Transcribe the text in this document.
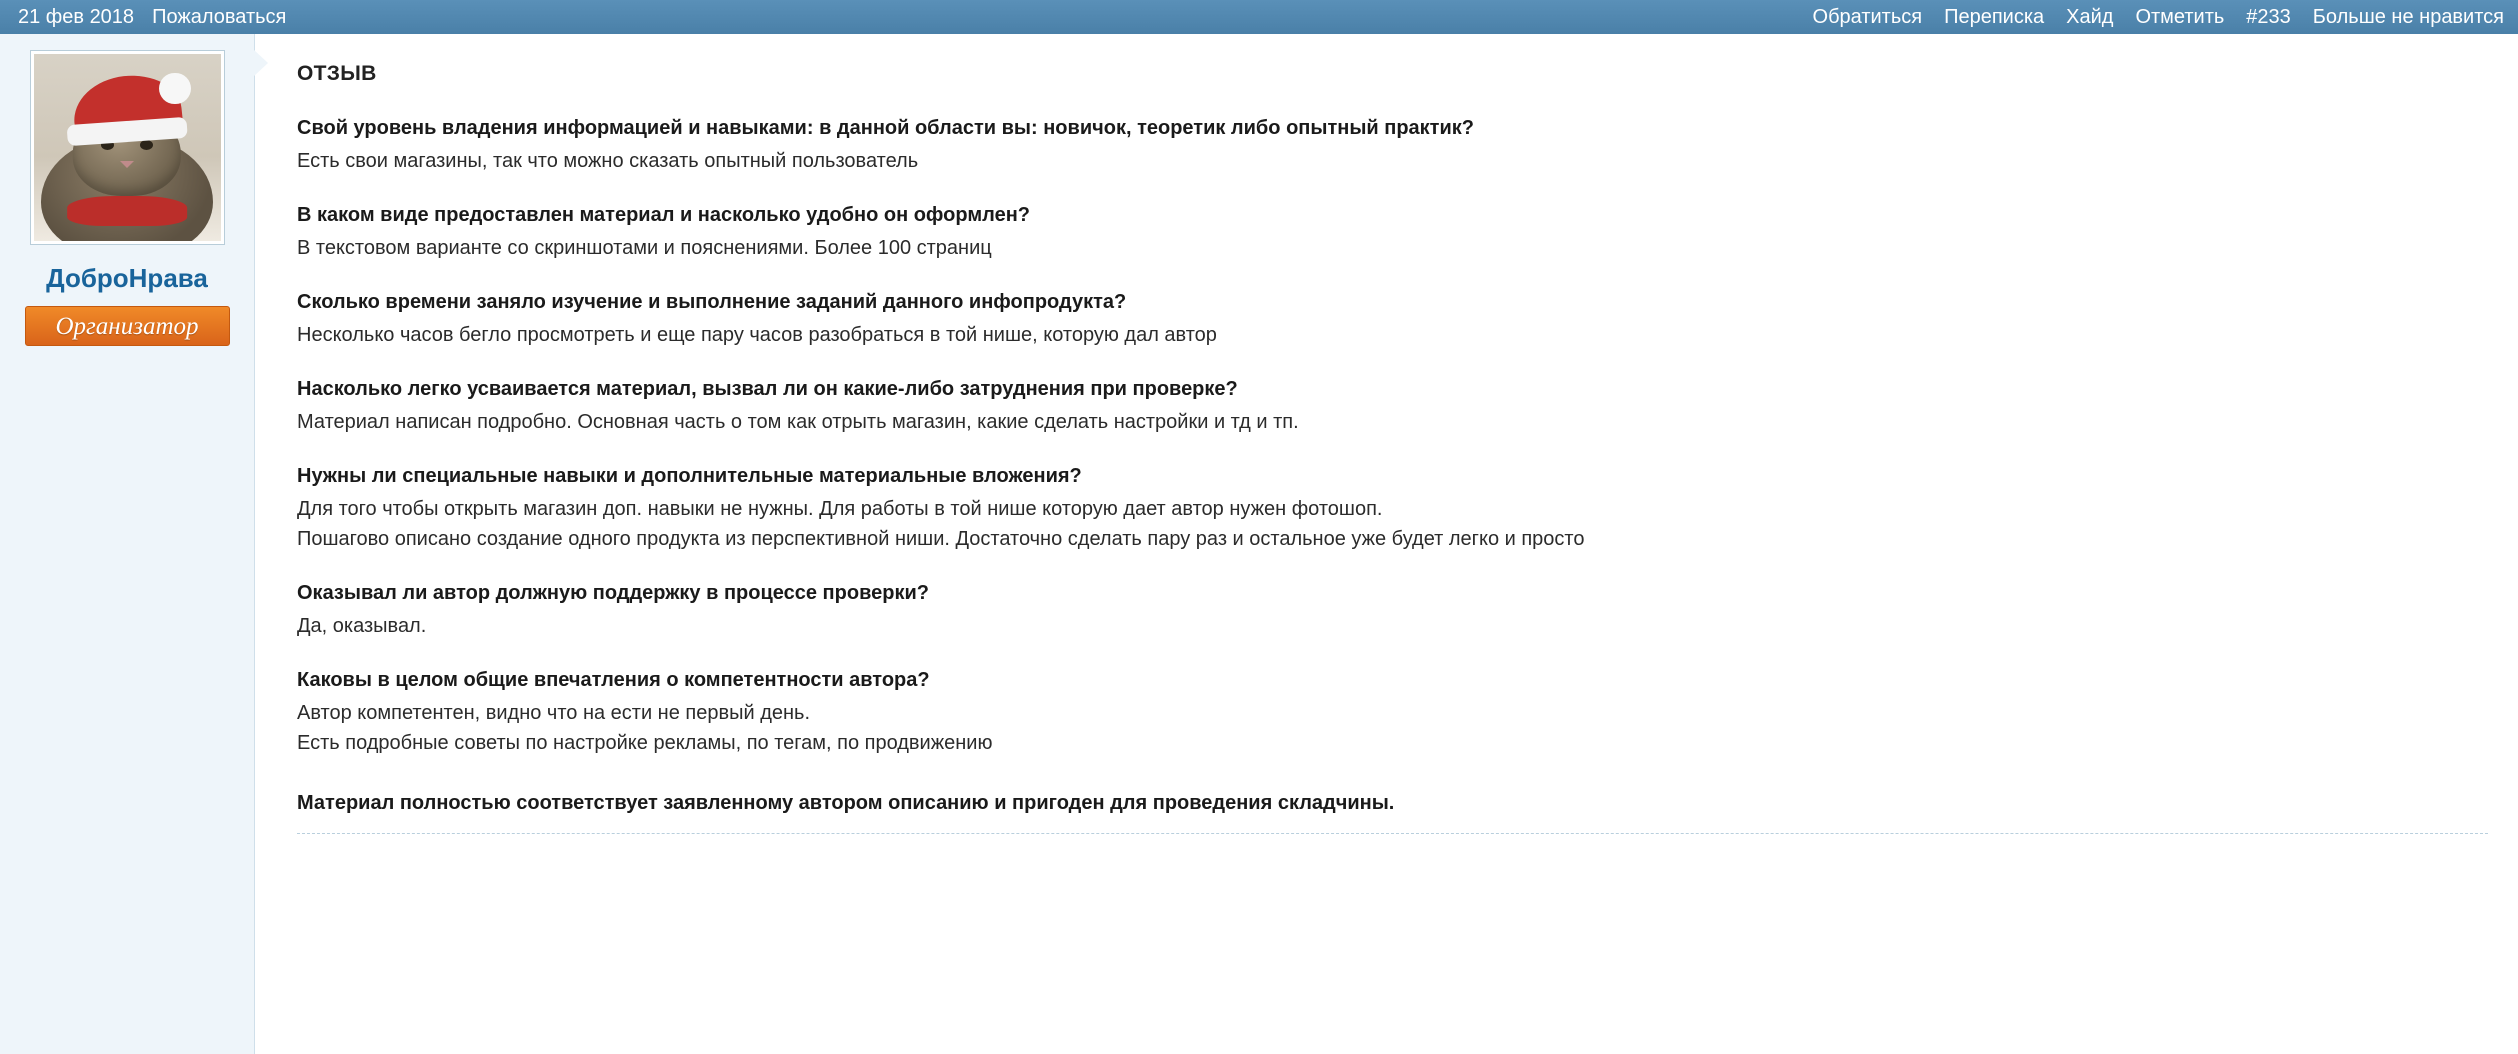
21 фев 2018 Пожаловаться	Обратиться Переписка Хайд Отметить #233 Больше не нравится
ДоброНрава
Организатор
ОТЗЫВ

Свой уровень владения информацией и навыками: в данной области вы: новичок, теоретик либо опытный практик?

Есть свои магазины, так что можно сказать опытный пользователь

В каком виде предоставлен материал и насколько удобно он оформлен?

В текстовом варианте со скриншотами и пояснениями. Более 100 страниц

Сколько времени заняло изучение и выполнение заданий данного инфопродукта?

Несколько часов бегло просмотреть и еще пару часов разобраться в той нише, которую дал автор

Насколько легко усваивается материал, вызвал ли он какие-либо затруднения при проверке?

Материал написан подробно. Основная часть о том как отрыть магазин, какие сделать настройки и тд и тп.

Нужны ли специальные навыки и дополнительные материальные вложения?

Для того чтобы открыть магазин доп. навыки не нужны. Для работы в той нише которую дает автор нужен фотошоп.

Пошагово описано создание одного продукта из перспективной ниши. Достаточно сделать пару раз и остальное уже будет легко и просто

Оказывал ли автор должную поддержку в процессе проверки?

Да, оказывал.

Каковы в целом общие впечатления о компетентности автора?

Автор компетентен, видно что на ести не первый день.

Есть подробные советы по настройке рекламы, по тегам, по продвижению

Материал полностью соответствует заявленному автором описанию и пригоден для проведения складчины.
